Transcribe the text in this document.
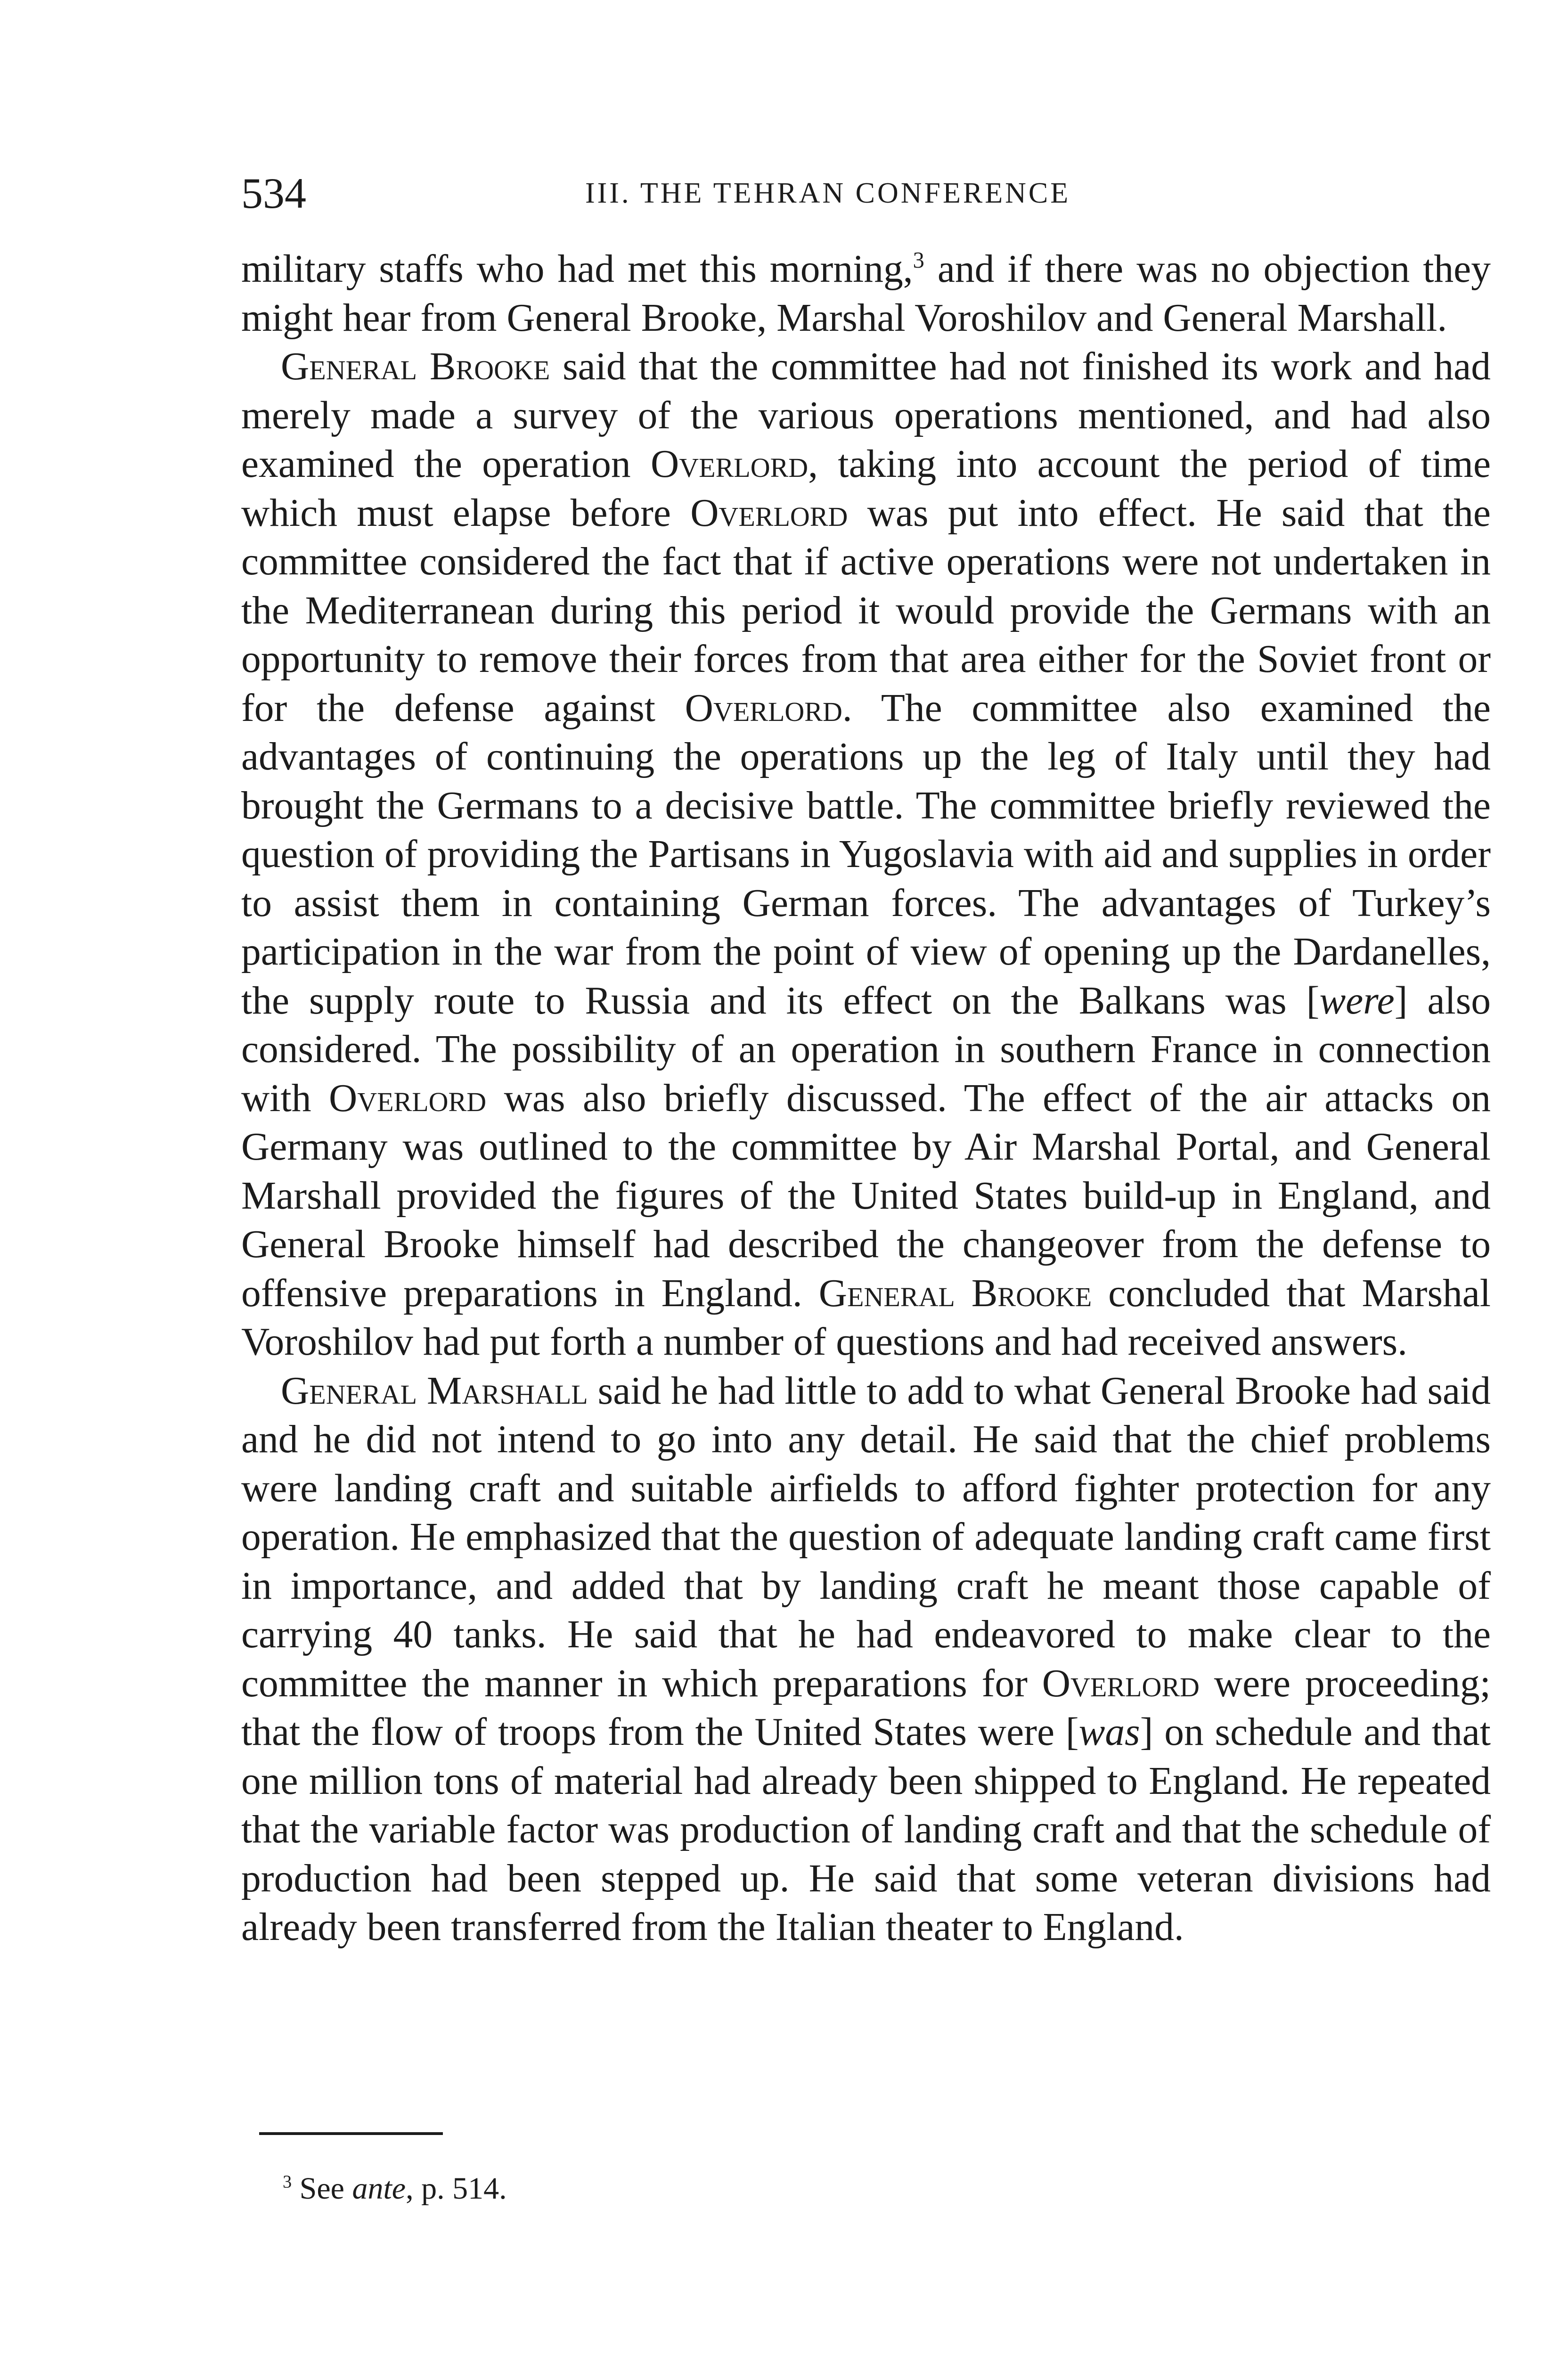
534	III. THE TEHRAN CONFERENCE

military staffs who had met this morning,$^3$ and if there was no objection they might hear from General Brooke, Marshal Voroshilov and General Marshall.

General Brooke said that the committee had not finished its work and had merely made a survey of the various operations mentioned, and had also examined the operation Overlord, taking into account the period of time which must elapse before Overlord was put into effect. He said that the committee considered the fact that if active operations were not undertaken in the Mediterranean during this period it would provide the Germans with an opportunity to remove their forces from that area either for the Soviet front or for the defense against Overlord. The committee also examined the advantages of continuing the operations up the leg of Italy until they had brought the Germans to a decisive battle. The committee briefly reviewed the question of providing the Partisans in Yugoslavia with aid and supplies in order to assist them in containing German forces. The advantages of Turkey’s participation in the war from the point of view of opening up the Dardanelles, the supply route to Russia and its effect on the Balkans was [were] also considered. The possibility of an operation in southern France in connection with Overlord was also briefly discussed. The effect of the air attacks on Germany was outlined to the committee by Air Marshal Portal, and General Marshall provided the figures of the United States build-up in England, and General Brooke himself had described the changeover from the defense to offensive preparations in England. General Brooke concluded that Marshal Voroshilov had put forth a number of questions and had received answers.

General Marshall said he had little to add to what General Brooke had said and he did not intend to go into any detail. He said that the chief problems were landing craft and suitable airfields to afford fighter protection for any operation. He emphasized that the question of adequate landing craft came first in importance, and added that by landing craft he meant those capable of carrying 40 tanks. He said that he had endeavored to make clear to the committee the manner in which preparations for Overlord were proceeding; that the flow of troops from the United States were [was] on schedule and that one million tons of material had already been shipped to England. He repeated that the variable factor was production of landing craft and that the schedule of production had been stepped up. He said that some veteran divisions had already been transferred from the Italian theater to England.

$^3$ See ante, p. 514.
